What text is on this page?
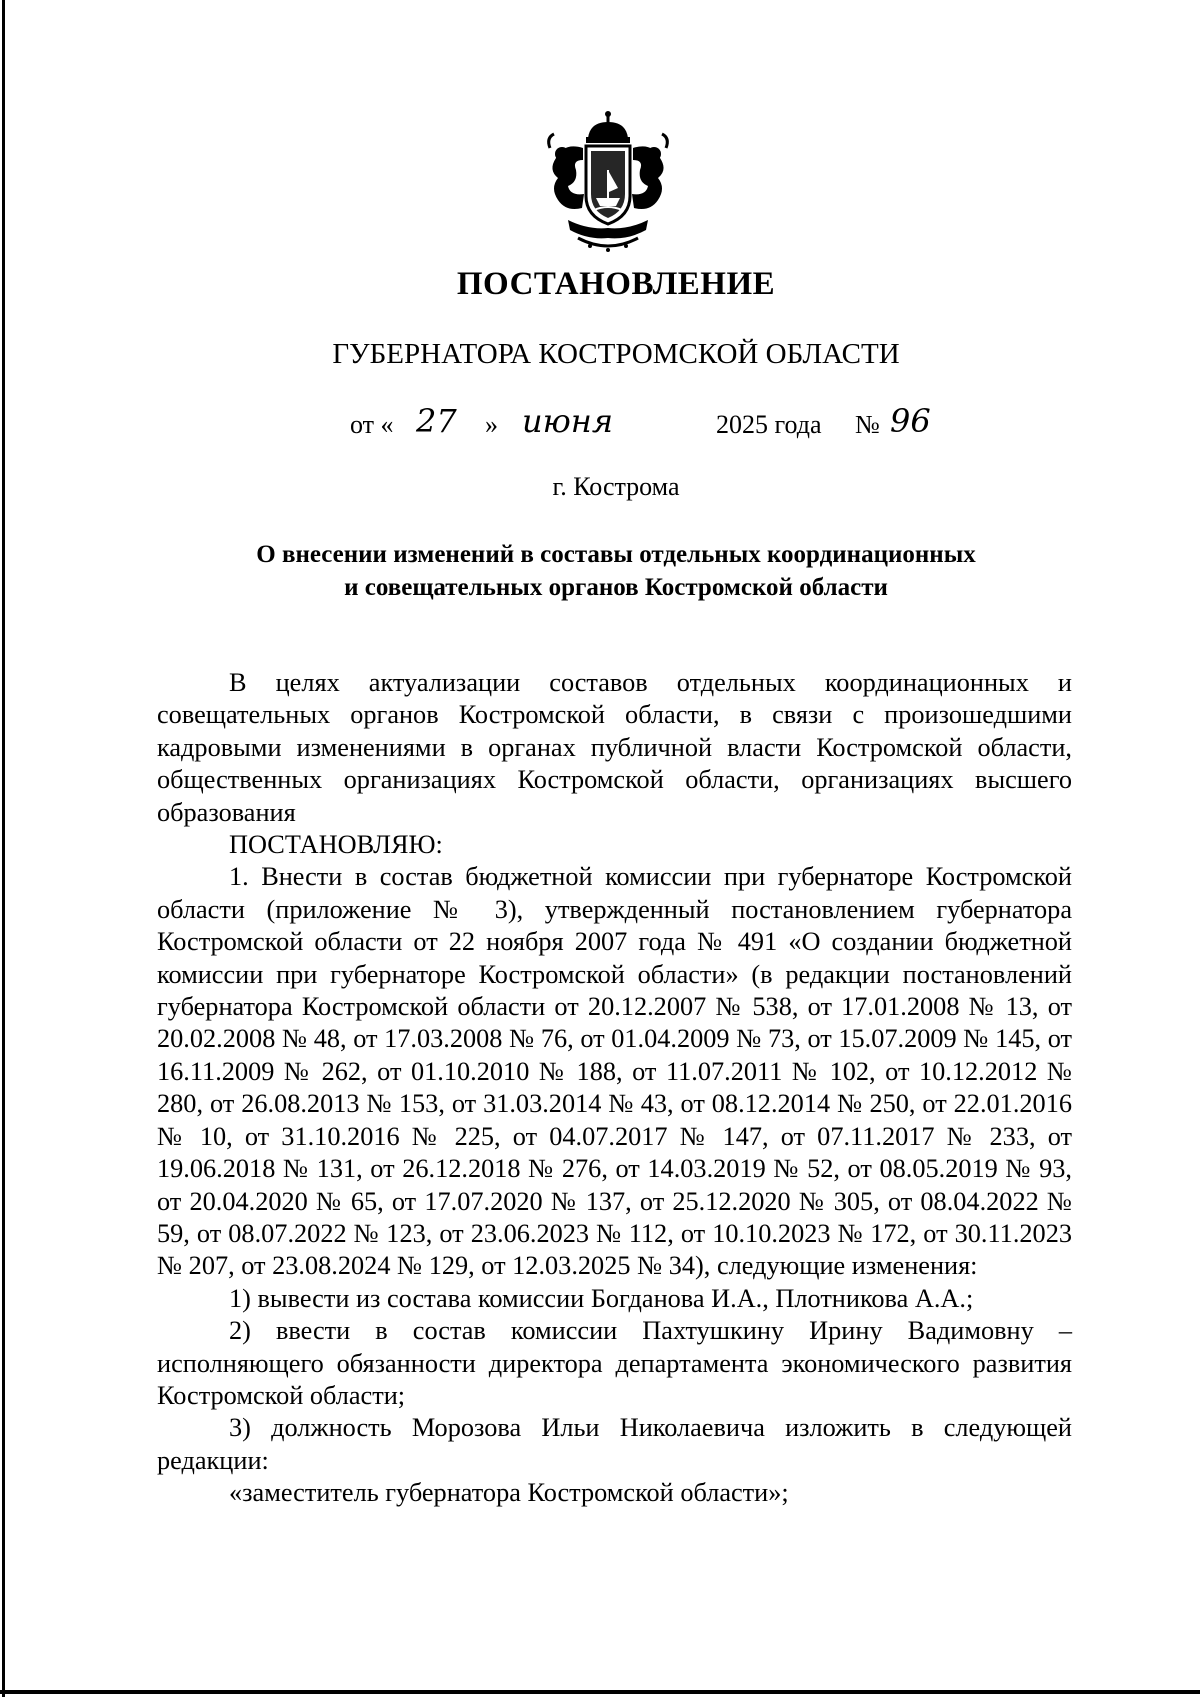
ПОСТАНОВЛЕНИЕ
ГУБЕРНАТОРА КОСТРОМСКОЙ ОБЛАСТИ
от « 27 » июня	2025 года № 96
г. Кострома
О внесении изменений в составы отдельных координационных
и совещательных органов Костромской области

В целях актуализации составов отдельных координационных и совещательных органов Костромской области, в связи с произошедшими кадровыми изменениями в органах публичной власти Костромской области, общественных организациях Костромской области, организациях высшего образования

ПОСТАНОВЛЯЮ:

1. Внести в состав бюджетной комиссии при губернаторе Костромской области (приложение № 3), утвержденный постановлением губернатора Костромской области от 22 ноября 2007 года № 491 «О создании бюджетной комиссии при губернаторе Костромской области» (в редакции постановлений губернатора Костромской области от 20.12.2007 № 538, от 17.01.2008 № 13, от 20.02.2008 № 48, от 17.03.2008 № 76, от 01.04.2009 № 73, от 15.07.2009 № 145, от 16.11.2009 № 262, от 01.10.2010 № 188, от 11.07.2011 № 102, от 10.12.2012 № 280, от 26.08.2013 № 153, от 31.03.2014 № 43, от 08.12.2014 № 250, от 22.01.2016 № 10, от 31.10.2016 № 225, от 04.07.2017 № 147, от 07.11.2017 № 233, от 19.06.2018 № 131, от 26.12.2018 № 276, от 14.03.2019 № 52, от 08.05.2019 № 93, от 20.04.2020 № 65, от 17.07.2020 № 137, от 25.12.2020 № 305, от 08.04.2022 № 59, от 08.07.2022 № 123, от 23.06.2023 № 112, от 10.10.2023 № 172, от 30.11.2023 № 207, от 23.08.2024 № 129, от 12.03.2025 № 34), следующие изменения:

1) вывести из состава комиссии Богданова И.А., Плотникова А.А.;

2) ввести в состав комиссии Пахтушкину Ирину Вадимовну – исполняющего обязанности директора департамента экономического развития Костромской области;

3) должность Морозова Ильи Николаевича изложить в следующей редакции:

«заместитель губернатора Костромской области»;
